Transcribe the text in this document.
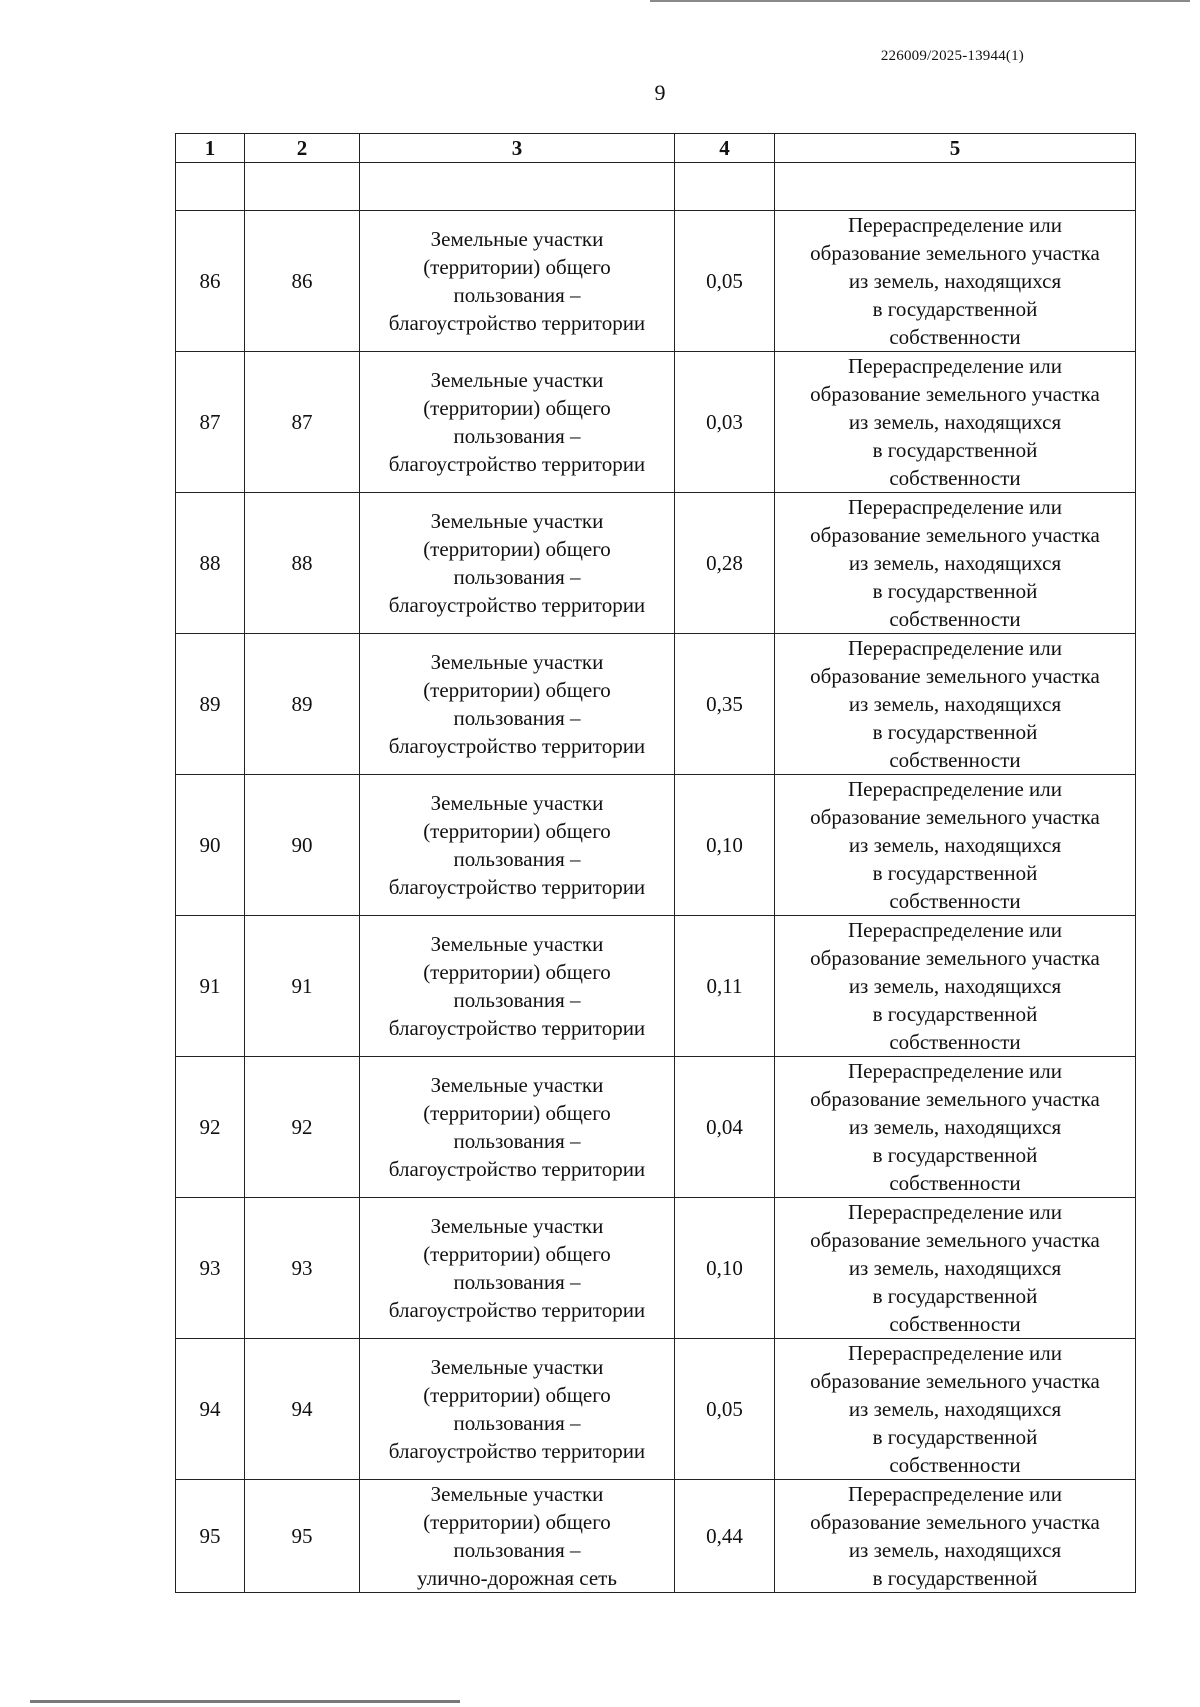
226009/2025-13944(1)
9
1	2	3	4	5

86	86	Земельные участки
(территории) общего
пользования –
благоустройство территории	0,05	Перераспределение или
образование земельного участка
из земель, находящихся
в государственной
собственности

87	87	Земельные участки
(территории) общего
пользования –
благоустройство территории	0,03	Перераспределение или
образование земельного участка
из земель, находящихся
в государственной
собственности

88	88	Земельные участки
(территории) общего
пользования –
благоустройство территории	0,28	Перераспределение или
образование земельного участка
из земель, находящихся
в государственной
собственности

89	89	Земельные участки
(территории) общего
пользования –
благоустройство территории	0,35	Перераспределение или
образование земельного участка
из земель, находящихся
в государственной
собственности

90	90	Земельные участки
(территории) общего
пользования –
благоустройство территории	0,10	Перераспределение или
образование земельного участка
из земель, находящихся
в государственной
собственности

91	91	Земельные участки
(территории) общего
пользования –
благоустройство территории	0,11	Перераспределение или
образование земельного участка
из земель, находящихся
в государственной
собственности

92	92	Земельные участки
(территории) общего
пользования –
благоустройство территории	0,04	Перераспределение или
образование земельного участка
из земель, находящихся
в государственной
собственности

93	93	Земельные участки
(территории) общего
пользования –
благоустройство территории	0,10	Перераспределение или
образование земельного участка
из земель, находящихся
в государственной
собственности

94	94	Земельные участки
(территории) общего
пользования –
благоустройство территории	0,05	Перераспределение или
образование земельного участка
из земель, находящихся
в государственной
собственности

95	95	Земельные участки
(территории) общего
пользования –
улично-дорожная сеть	0,44	Перераспределение или
образование земельного участка
из земель, находящихся
в государственной
